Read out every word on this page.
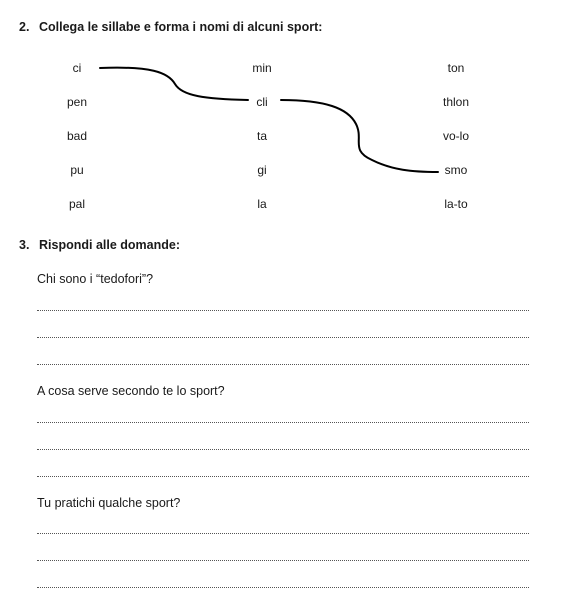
2. Collega le sillabe e forma i nomi di alcuni sport:
ci
pen
bad
pu
pal
min
cli
ta
gi
la
ton
thlon
vo-lo
smo
la-to
3. Rispondi alle domande:
Chi sono i “tedofori”?
A cosa serve secondo te lo sport?
Tu pratichi qualche sport?
